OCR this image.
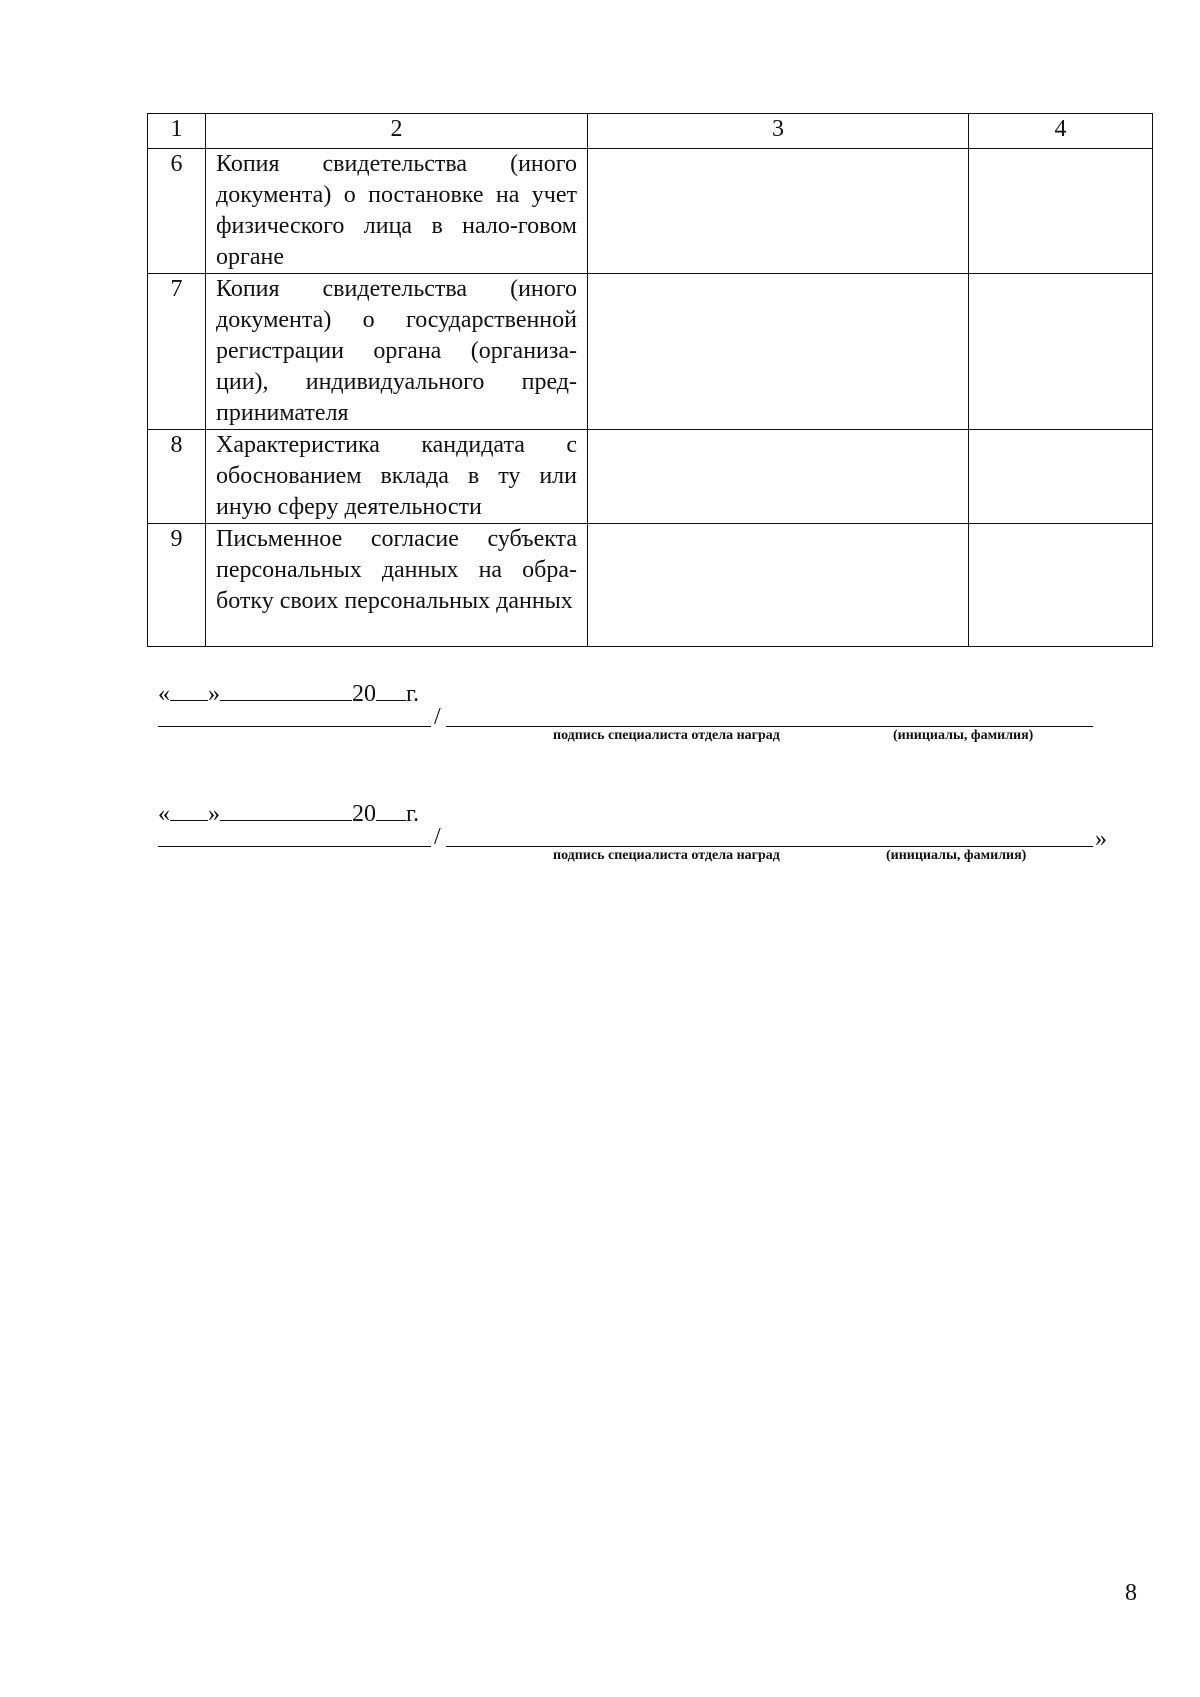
1	2	3	4
6	Копия свидетельства (иного документа) о постановке на учет физического лица в нало-говом органе		
7	Копия свидетельства (иного документа) о государственной регистрации органа (организа-ции), индивидуального пред-принимателя		
8	Характеристика кандидата с обоснованием вклада в ту или иную сферу деятельности		
9	Письменное согласие субъекта персональных данных на обра-ботку своих персональных данных		
« »	20 г.
/
подпись специалиста отдела наград	(инициалы, фамилия)
« »	20 г.
/	»
подпись специалиста отдела наград	(инициалы, фамилия)
8
